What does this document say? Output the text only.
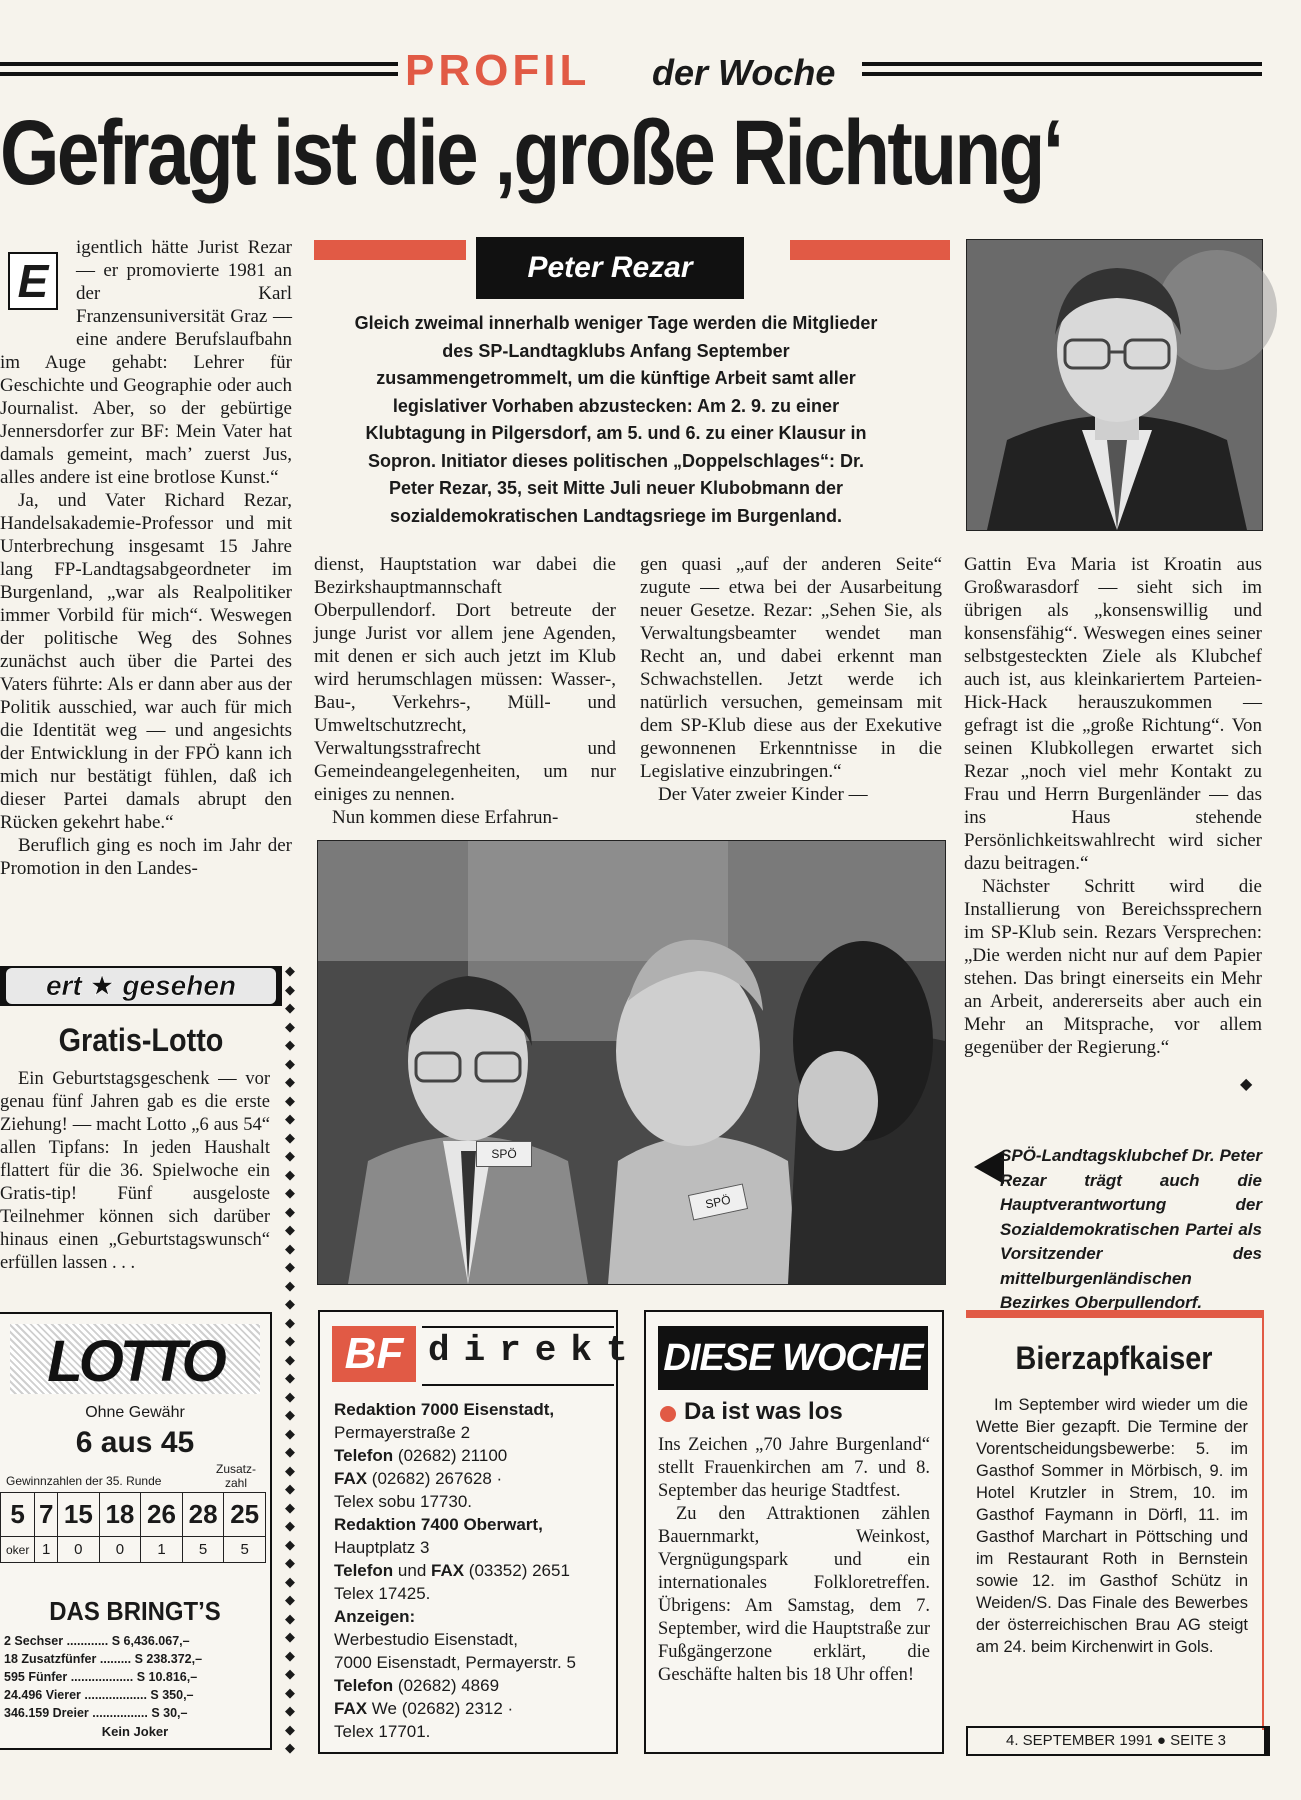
PROFIL der Woche
Gefragt ist die ‚große Richtung‘
E

igentlich hätte Jurist Rezar — er promovierte 1981 an der Karl Franzensuniversität Graz — eine andere Berufslaufbahn im Auge gehabt: Lehrer für Geschichte und Geographie oder auch Journalist. Aber, so der gebürtige Jennersdorfer zur BF: Mein Vater hat damals gemeint, mach’ zuerst Jus, alles andere ist eine brotlose Kunst.“

Ja, und Vater Richard Rezar, Handelsakademie-Professor und mit Unterbrechung insgesamt 15 Jahre lang FP-Landtagsabgeordneter im Burgenland, „war als Realpolitiker immer Vorbild für mich“. Weswegen der politische Weg des Sohnes zunächst auch über die Partei des Vaters führte: Als er dann aber aus der Politik ausschied, war auch für mich die Identität weg — und angesichts der Entwicklung in der FPÖ kann ich mich nur bestätigt fühlen, daß ich dieser Partei damals abrupt den Rücken gekehrt habe.“

Beruflich ging es noch im Jahr der Promotion in den Landes-

Peter Rezar
Gleich zweimal innerhalb weniger Tage werden die Mitglieder des SP-Landtagklubs Anfang September zusammengetrommelt, um die künftige Arbeit samt aller legislativer Vorhaben abzustecken: Am 2. 9. zu einer Klubtagung in Pilgersdorf, am 5. und 6. zu einer Klausur in Sopron. Initiator dieses politischen „Doppelschlages“: Dr. Peter Rezar, 35, seit Mitte Juli neuer Klubobmann der sozialdemokratischen Landtagsriege im Burgenland.

dienst, Hauptstation war dabei die Bezirkshauptmannschaft Oberpullendorf. Dort betreute der junge Jurist vor allem jene Agenden, mit denen er sich auch jetzt im Klub wird herumschlagen müssen: Wasser-, Bau-, Verkehrs-, Müll- und Umweltschutzrecht, Verwaltungsstrafrecht und Gemeindeangelegenheiten, um nur einiges zu nennen.

Nun kommen diese Erfahrun-

gen quasi „auf der anderen Seite“ zugute — etwa bei der Ausarbeitung neuer Gesetze. Rezar: „Sehen Sie, als Verwaltungsbeamter wendet man Recht an, und dabei erkennt man Schwachstellen. Jetzt werde ich natürlich versuchen, gemeinsam mit dem SP-Klub diese aus der Exekutive gewonnenen Erkenntnisse in die Legislative einzubringen.“

Der Vater zweier Kinder —

Gattin Eva Maria ist Kroatin aus Großwarasdorf — sieht sich im übrigen als „konsenswillig und konsensfähig“. Weswegen eines seiner selbstgesteckten Ziele als Klubchef auch ist, aus kleinkariertem Parteien-Hick-Hack herauszukommen — gefragt ist die „große Richtung“. Von seinen Klubkollegen erwartet sich Rezar „noch viel mehr Kontakt zu Frau und Herrn Burgenländer — das ins Haus stehende Persönlichkeitswahlrecht wird sicher dazu beitragen.“

Nächster Schritt wird die Installierung von Bereichssprechern im SP-Klub sein. Rezars Versprechen: „Die werden nicht nur auf dem Papier stehen. Das bringt einerseits ein Mehr an Arbeit, andererseits aber auch ein Mehr an Mitsprache, vor allem gegenüber der Regierung.“

◆
SPÖ
SPÖ
SPÖ-Landtagsklubchef Dr. Peter Rezar trägt auch die Hauptverantwortung der Sozialdemokratischen Partei als Vorsitzender des mittelburgenländischen Bezirkes Oberpullendorf.
ert ★ gesehen
Gratis-Lotto
Ein Geburtstagsgeschenk — vor genau fünf Jahren gab es die erste Ziehung! — macht Lotto „6 aus 54“ allen Tipfans: In jeden Haushalt flattert für die 36. Spielwoche ein Gratis-tip! Fünf ausgeloste Teilnehmer können sich darüber hinaus einen „Geburtstagswunsch“ erfüllen lassen . . .
◆
◆
◆
◆
◆
◆
◆
◆
◆
◆
◆
◆
◆
◆
◆
◆
◆
◆
◆
◆
◆
◆
◆
◆
◆
◆
◆
◆
◆
◆
◆
◆
◆
◆
◆
◆
◆
◆
◆
◆
◆
◆
◆
LOTTO
Ohne Gewähr
6 aus 45
Gewinnzahlen der 35. Runde
Zusatz-zahl
5	7	15	18	26	28	25
oker	1	0	0	1	5	5
DAS BRINGT’S
2 Sechser ............ S 6,436.067,–
18 Zusatzfünfer ......... S 238.372,–
595 Fünfer .................. S 10.816,–
24.496 Vierer .................. S 350,–
346.159 Dreier ................ S 30,–
Kein Joker
BF direkt
Redaktion 7000 Eisenstadt,
Permayerstraße 2
Telefon (02682) 21100
FAX (02682) 267628 ·
Telex sobu 17730.
Redaktion 7400 Oberwart,
Hauptplatz 3
Telefon und FAX (03352) 2651
Telex 17425.
Anzeigen:
Werbestudio Eisenstadt,
7000 Eisenstadt, Permayerstr. 5
Telefon (02682) 4869
FAX We (02682) 2312 ·
Telex 17701.
DIESE WOCHE
Da ist was los

Ins Zeichen „70 Jahre Burgenland“ stellt Frauenkirchen am 7. und 8. September das heurige Stadtfest.

Zu den Attraktionen zählen Bauernmarkt, Weinkost, Vergnügungspark und ein internationales Folkloretreffen. Übrigens: Am Samstag, dem 7. September, wird die Hauptstraße zur Fußgängerzone erklärt, die Geschäfte halten bis 18 Uhr offen!

Bierzapfkaiser
Im September wird wieder um die Wette Bier gezapft. Die Termine der Vorentscheidungsbewerbe: 5. im Gasthof Sommer in Mörbisch, 9. im Hotel Krutzler in Strem, 10. im Gasthof Faymann in Dörfl, 11. im Gasthof Marchart in Pöttsching und im Restaurant Roth in Bernstein sowie 12. im Gasthof Schütz in Weiden/S. Das Finale des Bewerbes der österreichischen Brau AG steigt am 24. beim Kirchenwirt in Gols.
4. SEPTEMBER 1991 ● SEITE 3
